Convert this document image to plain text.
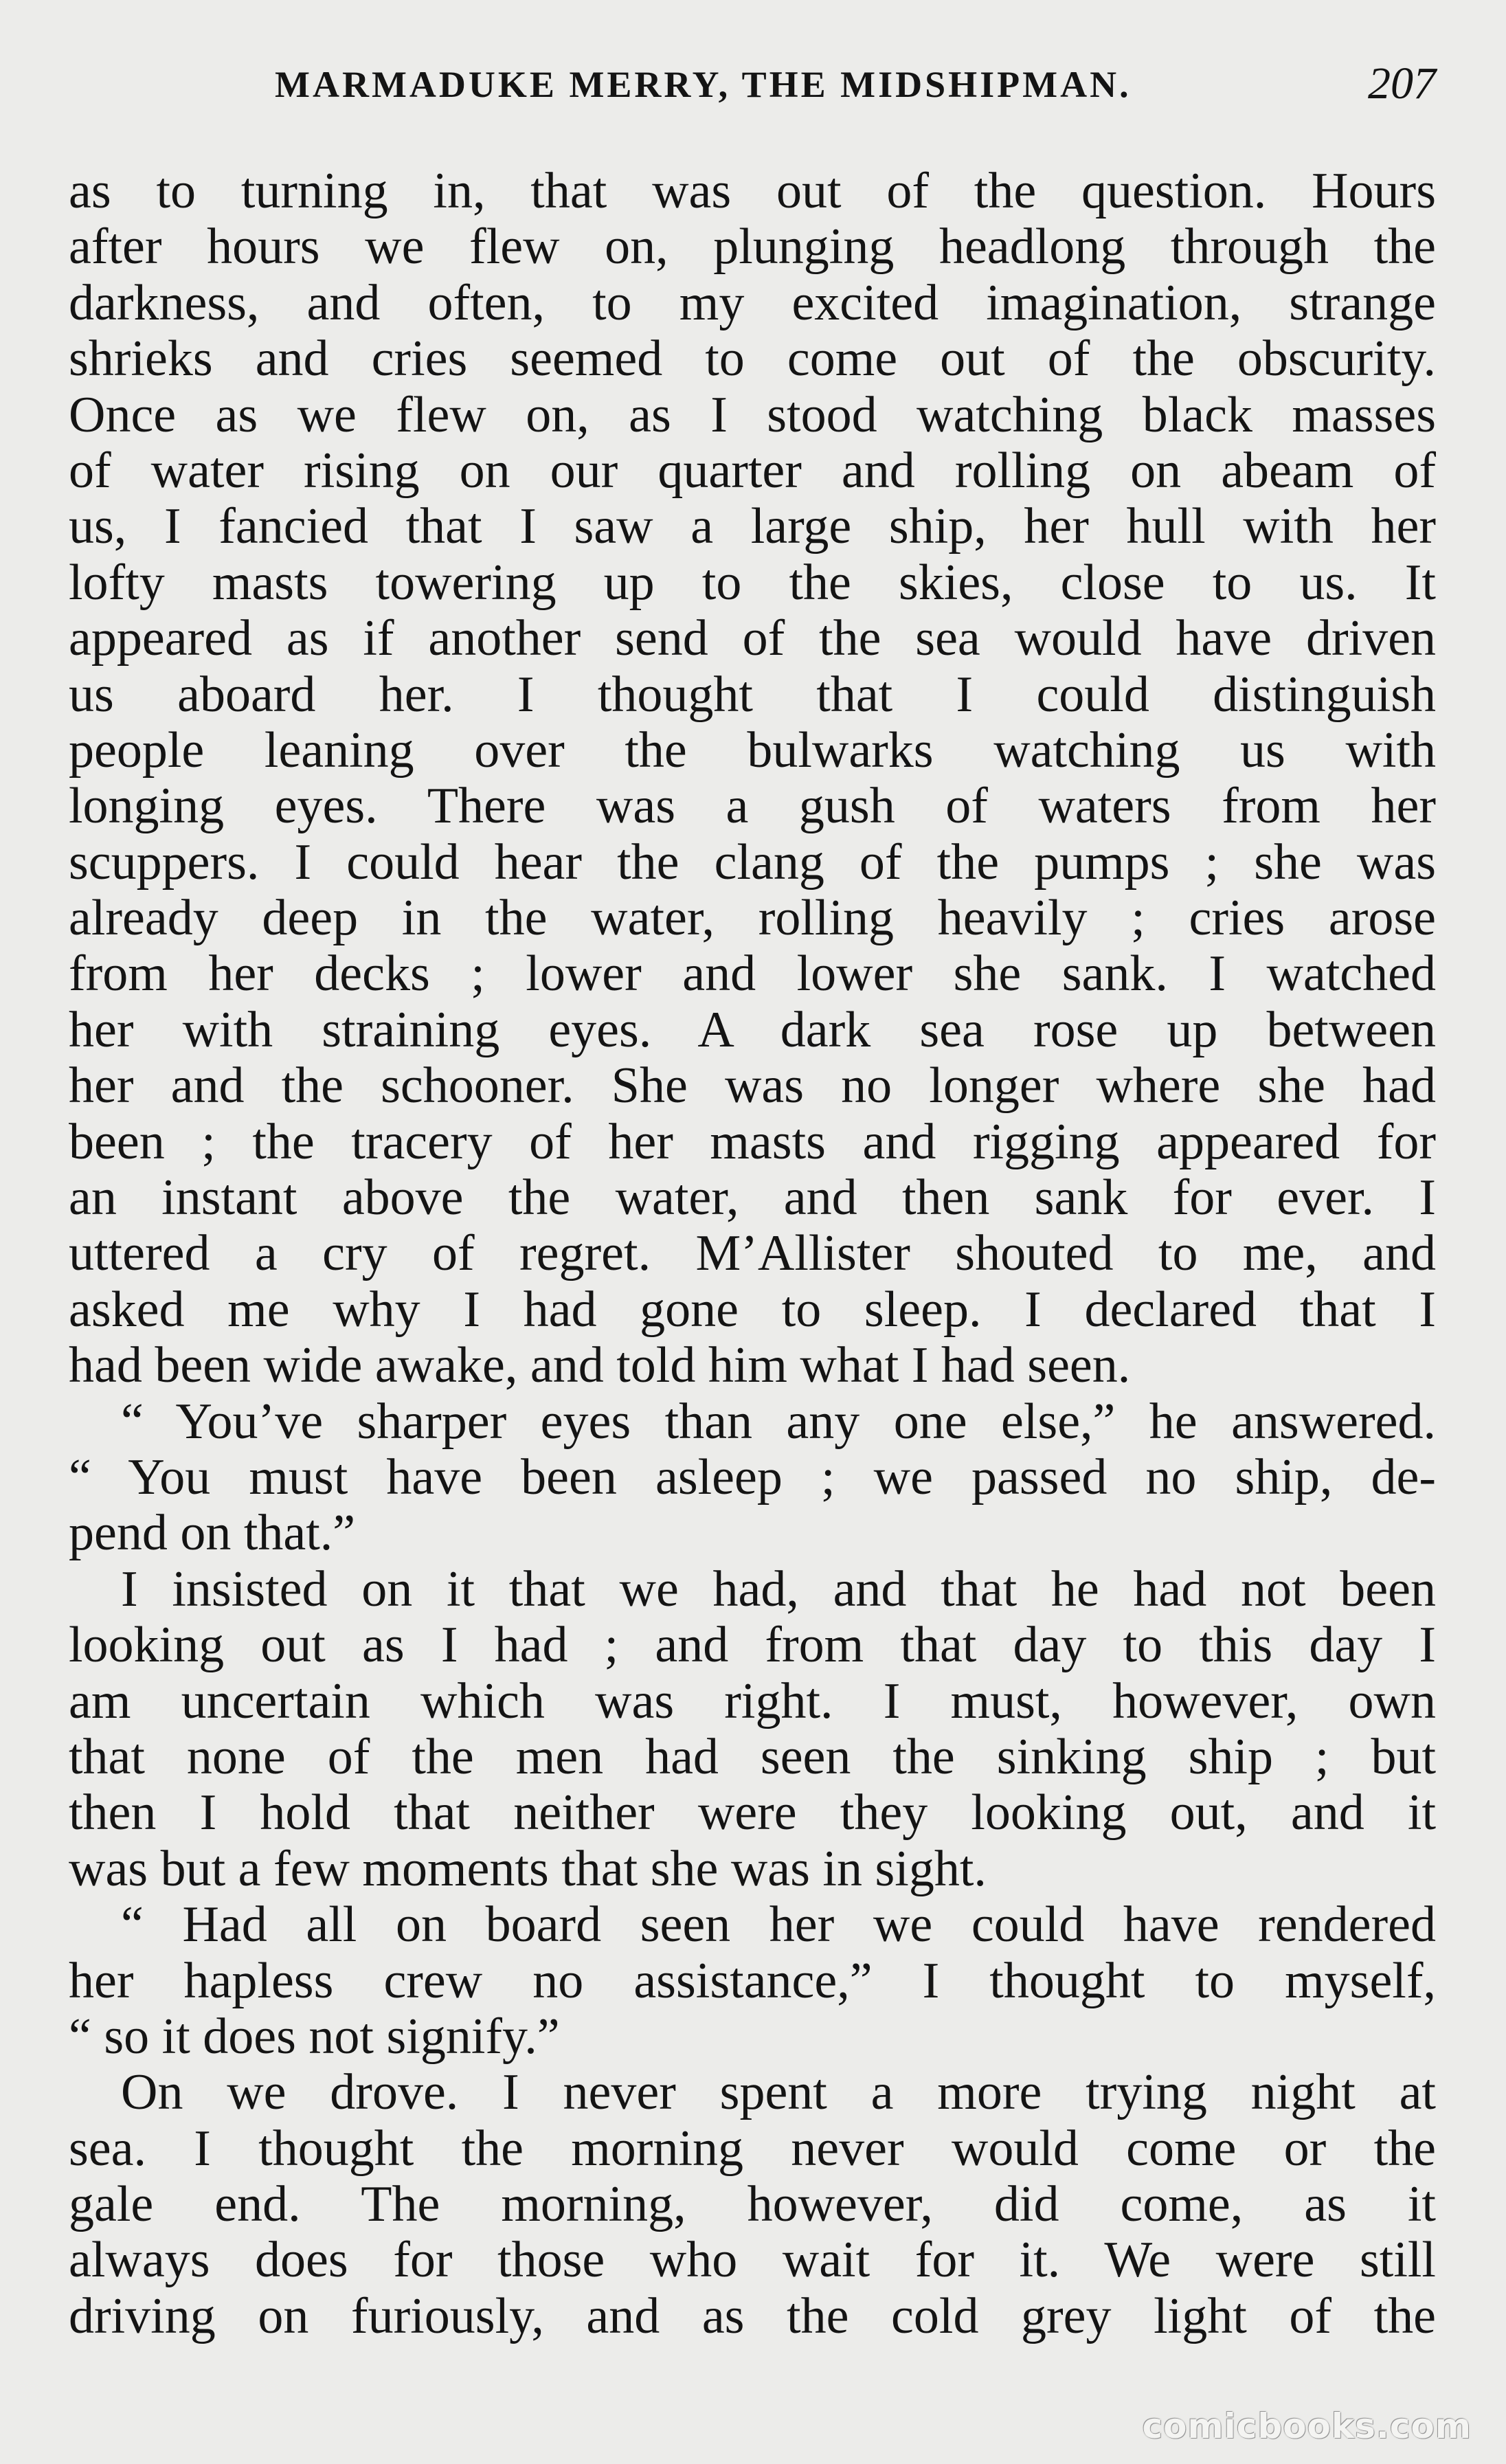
MARMADUKE MERRY, THE MIDSHIPMAN.	207
as to turning in, that was out of the question. Hours
after hours we flew on, plunging headlong through the
darkness, and often, to my excited imagination, strange
shrieks and cries seemed to come out of the obscurity.
Once as we flew on, as I stood watching black masses
of water rising on our quarter and rolling on abeam of
us, I fancied that I saw a large ship, her hull with her
lofty masts towering up to the skies, close to us. It
appeared as if another send of the sea would have driven
us aboard her. I thought that I could distinguish
people leaning over the bulwarks watching us with
longing eyes. There was a gush of waters from her
scuppers. I could hear the clang of the pumps ; she was
already deep in the water, rolling heavily ; cries arose
from her decks ; lower and lower she sank. I watched
her with straining eyes. A dark sea rose up between
her and the schooner. She was no longer where she had
been ; the tracery of her masts and rigging appeared for
an instant above the water, and then sank for ever. I
uttered a cry of regret. M’Allister shouted to me, and
asked me why I had gone to sleep. I declared that I
had been wide awake, and told him what I had seen.
“ You’ve sharper eyes than any one else,” he answered.
“ You must have been asleep ; we passed no ship, de-
pend on that.”
I insisted on it that we had, and that he had not been
looking out as I had ; and from that day to this day I
am uncertain which was right. I must, however, own
that none of the men had seen the sinking ship ; but
then I hold that neither were they looking out, and it
was but a few moments that she was in sight.
“ Had all on board seen her we could have rendered
her hapless crew no assistance,” I thought to myself,
“ so it does not signify.”
On we drove. I never spent a more trying night at
sea. I thought the morning never would come or the
gale end. The morning, however, did come, as it
always does for those who wait for it. We were still
driving on furiously, and as the cold grey light of the
comicbooks.com
